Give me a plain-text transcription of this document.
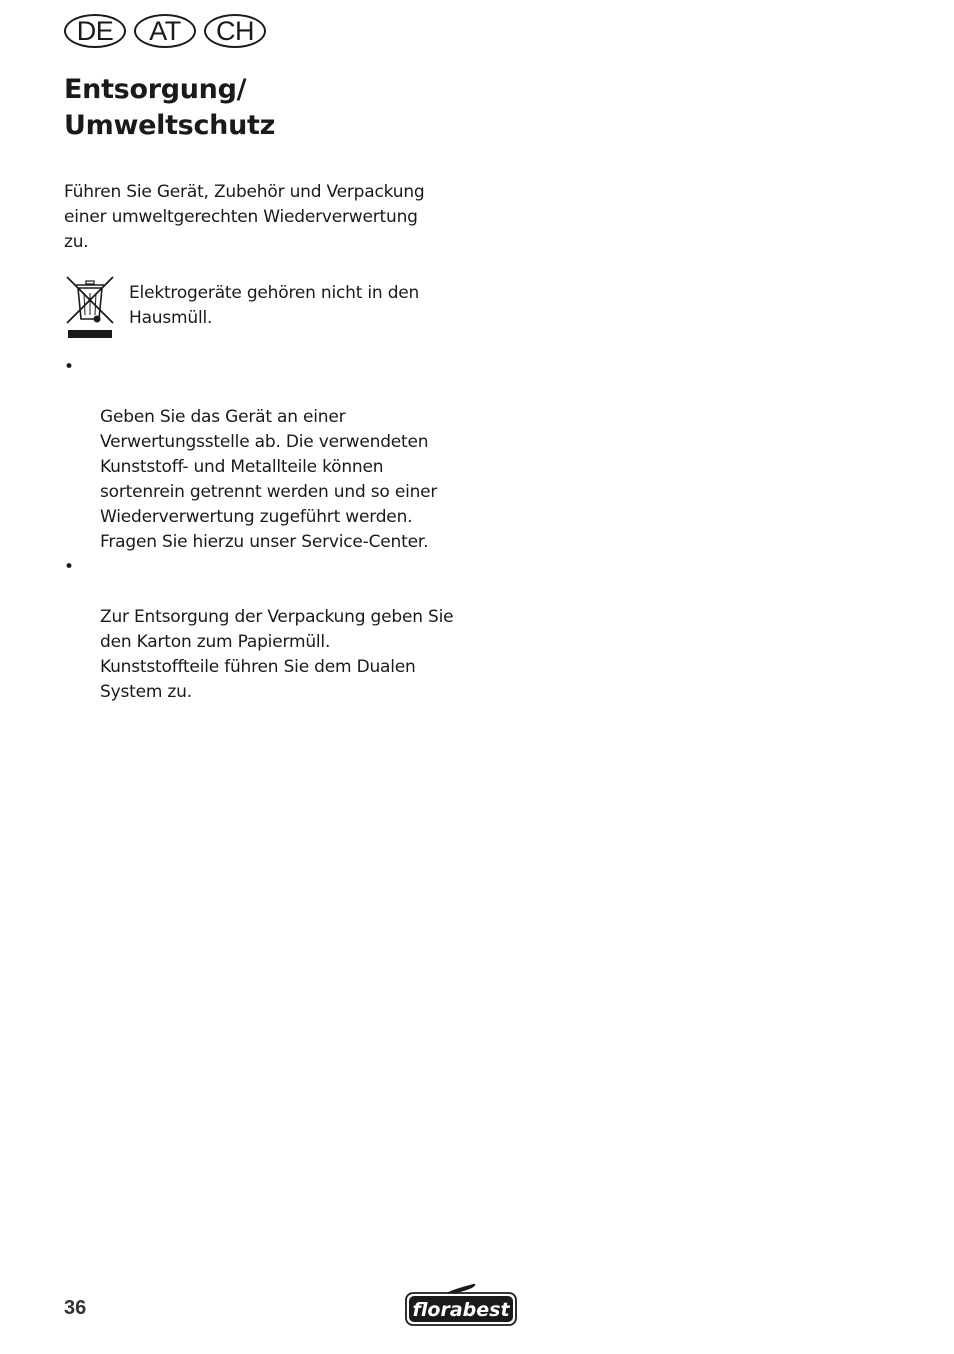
DE	AT	CH
Entsorgung/
Umweltschutz

Führen Sie Gerät, Zubehör und Verpackung einer umweltgerechten Wiederverwertung zu.

Elektrogeräte gehören nicht in den Hausmüll.

•

Geben Sie das Gerät an einer Verwertungsstelle ab. Die verwendeten Kunststoff- und Metallteile können sortenrein getrennt werden und so einer Wiederverwertung zugeführt werden. Fragen Sie hierzu unser Service-Center.

•

Zur Entsorgung der Verpackung geben Sie den Karton zum Papiermüll. Kunststoffteile führen Sie dem Dualen System zu.

36	florabest
